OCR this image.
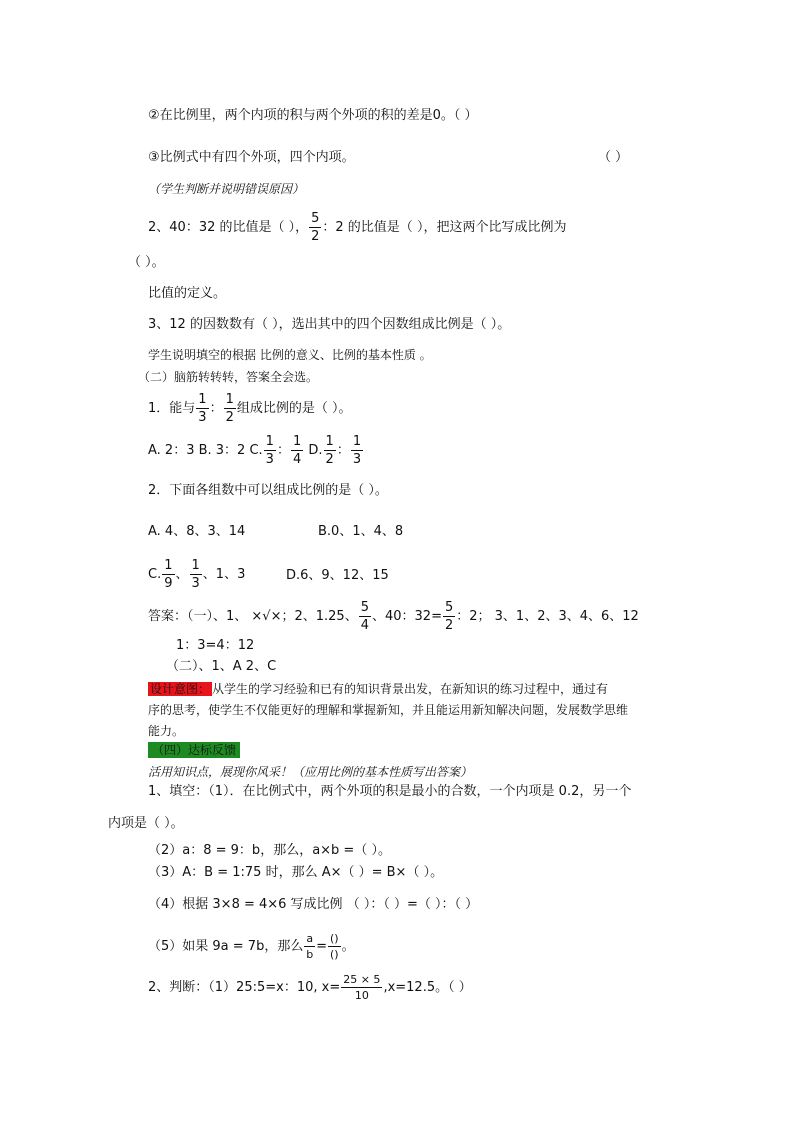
②在比例里，两个内项的积与两个外项的积的差是0。（ ）
③比例式中有四个外项，四个内项。	（ ）
（学生判断并说明错误原因）
2、40：32 的比值是（ ）， $\frac{5}{2}$ ：2 的比值是（ ），把这两个比写成比例为
（ ）。
比值的定义。
3、12 的因数数有（ ），选出其中的四个因数组成比例是（ ）。
学生说明填空的根据 比例的意义、比例的基本性质 。
（二）脑筋转转转，答案全会选。
1．能与 $\frac{1}{3}$ ： $\frac{1}{2}$ 组成比例的是（ ）。
A. 2：3 B. 3：2 C. $\frac{1}{3}$ ： $\frac{1}{4} D$. $\frac{1}{2}$ ： $\frac{1}{3}$
2．下面各组数中可以组成比例的是（ ）。
A. 4、8、3、14	B.0、1、4、8
C. $\frac{1}{9}$ 、 $\frac{1}{3}$ 、1、3	D.6、9、12、15
答案：（一）、1、 ×√×；2、1.25、 $\frac{5}{4}$ 、40：$32= \frac{5}{2}$ ：2； 3、1、2、3、4、6、12
1：3=4：12
（二）、1、A 2、C
设计意图： 从学生的学习经验和已有的知识背景出发，在新知识的练习过程中，通过有
序的思考，使学生不仅能更好的理解和掌握新知，并且能运用新知解决问题，发展数学思维
能力。
（四）达标反馈
活用知识点，展现你风采！（应用比例的基本性质写出答案）
1、填空：（1）．在比例式中，两个外项的积是最小的合数，一个内项是 0.2，另一个
内项是（ ）。
（2）a：8 = 9：b，那么，a×b =（ ）。
（3）A：B = 1:75 时，那么 A×（ ）= B×（ ）。
（4）根据 3×8 = 4×6 写成比例 （ ）：（ ）=（ ）：（ ）
（5）如果 9a = 7b，那么 $\frac{a}{b} = \frac{()}{()}$ 。
2、判断：（1）25:5=x：10, $x= \frac{25 \times 5}{10} ,x=12.5$。（ ）
